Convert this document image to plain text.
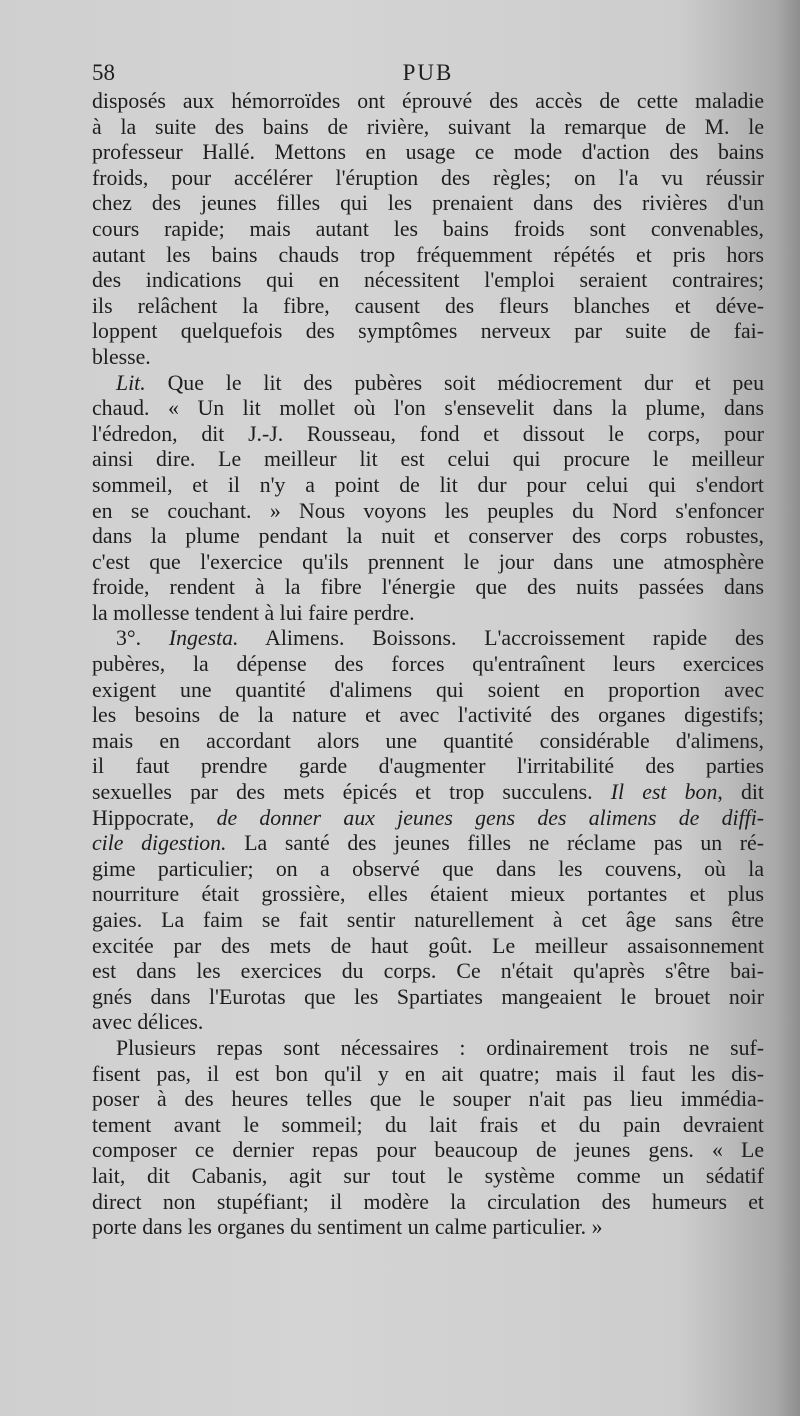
58	PUB
disposés aux hémorroïdes ont éprouvé des accès de cette maladie
à la suite des bains de rivière, suivant la remarque de M. le
professeur Hallé. Mettons en usage ce mode d'action des bains
froids, pour accélérer l'éruption des règles; on l'a vu réussir
chez des jeunes filles qui les prenaient dans des rivières d'un
cours rapide; mais autant les bains froids sont convenables,
autant les bains chauds trop fréquemment répétés et pris hors
des indications qui en nécessitent l'emploi seraient contraires;
ils relâchent la fibre, causent des fleurs blanches et déve-
loppent quelquefois des symptômes nerveux par suite de fai-
blesse.
Lit. Que le lit des pubères soit médiocrement dur et peu
chaud. « Un lit mollet où l'on s'ensevelit dans la plume, dans
l'édredon, dit J.-J. Rousseau, fond et dissout le corps, pour
ainsi dire. Le meilleur lit est celui qui procure le meilleur
sommeil, et il n'y a point de lit dur pour celui qui s'endort
en se couchant. » Nous voyons les peuples du Nord s'enfoncer
dans la plume pendant la nuit et conserver des corps robustes,
c'est que l'exercice qu'ils prennent le jour dans une atmosphère
froide, rendent à la fibre l'énergie que des nuits passées dans
la mollesse tendent à lui faire perdre.
3°. Ingesta. Alimens. Boissons. L'accroissement rapide des
pubères, la dépense des forces qu'entraînent leurs exercices
exigent une quantité d'alimens qui soient en proportion avec
les besoins de la nature et avec l'activité des organes digestifs;
mais en accordant alors une quantité considérable d'alimens,
il faut prendre garde d'augmenter l'irritabilité des parties
sexuelles par des mets épicés et trop succulens. Il est bon, dit
Hippocrate, de donner aux jeunes gens des alimens de diffi-
cile digestion. La santé des jeunes filles ne réclame pas un ré-
gime particulier; on a observé que dans les couvens, où la
nourriture était grossière, elles étaient mieux portantes et plus
gaies. La faim se fait sentir naturellement à cet âge sans être
excitée par des mets de haut goût. Le meilleur assaisonnement
est dans les exercices du corps. Ce n'était qu'après s'être bai-
gnés dans l'Eurotas que les Spartiates mangeaient le brouet noir
avec délices.
Plusieurs repas sont nécessaires : ordinairement trois ne suf-
fisent pas, il est bon qu'il y en ait quatre; mais il faut les dis-
poser à des heures telles que le souper n'ait pas lieu immédia-
tement avant le sommeil; du lait frais et du pain devraient
composer ce dernier repas pour beaucoup de jeunes gens. « Le
lait, dit Cabanis, agit sur tout le système comme un sédatif
direct non stupéfiant; il modère la circulation des humeurs et
porte dans les organes du sentiment un calme particulier. »
